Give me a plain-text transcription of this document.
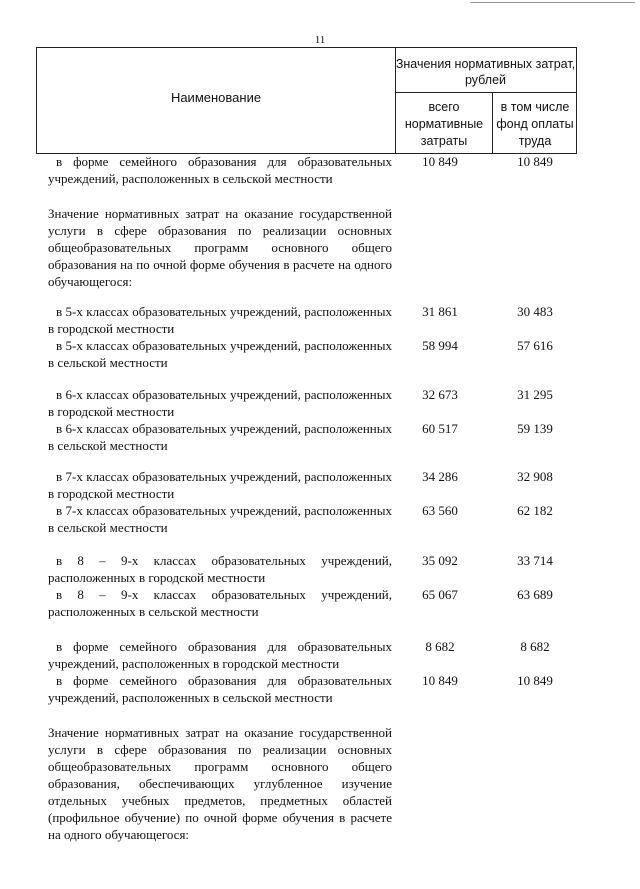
11
Наименование
Значения нормативных затрат, рублей
всего нормативные затраты
в том числе фонд оплаты труда
в форме семейного образования для образовательных учреждений, расположенных в сельской местности
10 849	10 849
Значение нормативных затрат на оказание государственной услуги в сфере образования по реализации основных общеобразовательных программ основного общего образования на по очной форме обучения в расчете на одного обучающегося:
в 5-х классах образовательных учреждений, расположенных в городской местности
31 861	30 483
в 5-х классах образовательных учреждений, расположенных в сельской местности
58 994	57 616
в 6-х классах образовательных учреждений, расположенных в городской местности
32 673	31 295
в 6-х классах образовательных учреждений, расположенных в сельской местности
60 517	59 139
в 7-х классах образовательных учреждений, расположенных в городской местности
34 286	32 908
в 7-х классах образовательных учреждений, расположенных в сельской местности
63 560	62 182
в 8 – 9-х классах образовательных учреждений, расположенных в городской местности
35 092	33 714
в 8 – 9-х классах образовательных учреждений, расположенных в сельской местности
65 067	63 689
в форме семейного образования для образовательных учреждений, расположенных в городской местности
8 682	8 682
в форме семейного образования для образовательных учреждений, расположенных в сельской местности
10 849	10 849
Значение нормативных затрат на оказание государственной услуги в сфере образования по реализации основных общеобразовательных программ основного общего образования, обеспечивающих углубленное изучение отдельных учебных предметов, предметных областей (профильное обучение) по очной форме обучения в расчете на одного обучающегося:
